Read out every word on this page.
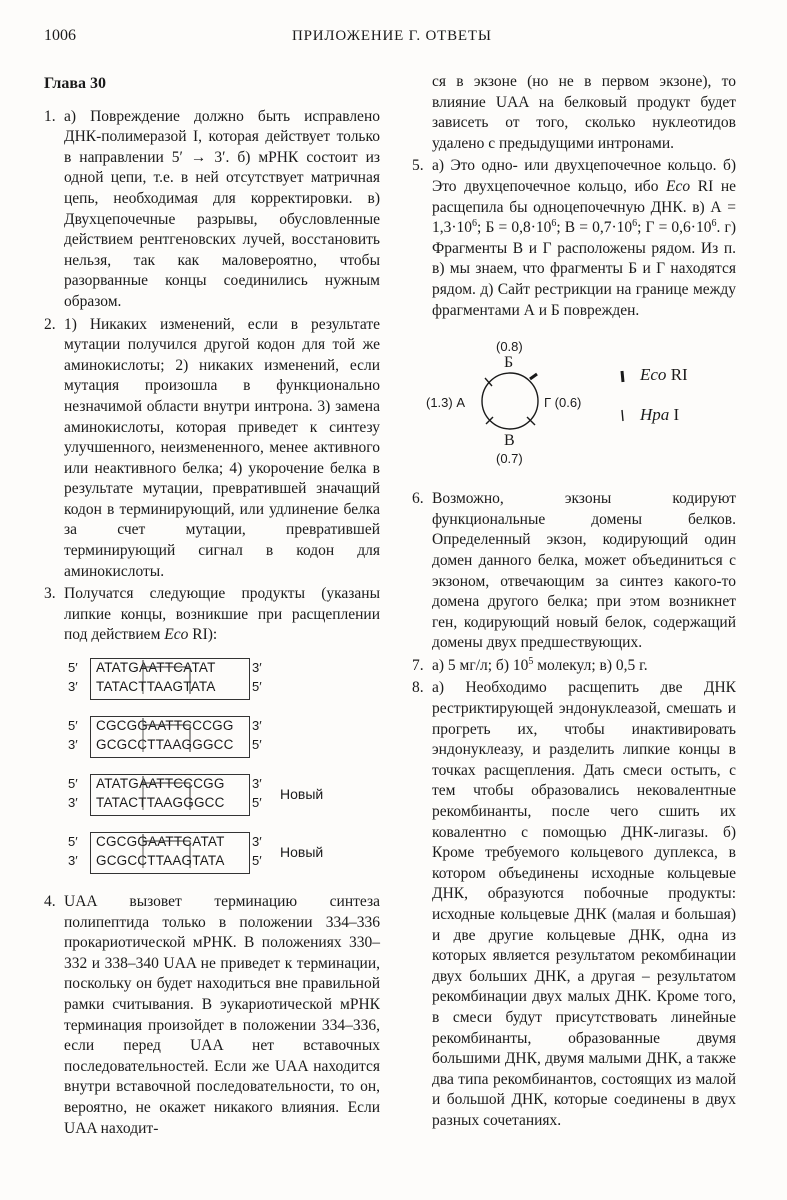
1006	ПРИЛОЖЕНИЕ Г. ОТВЕТЫ
Глава 30
1. а) Повреждение должно быть исправлено ДНК-полимеразой I, которая действует только в направлении 5′ → 3′. б) мРНК состоит из одной цепи, т.е. в ней отсутствует матричная цепь, необходимая для корректировки. в) Двухцепочечные разрывы, обусловленные действием рентгеновских лучей, восстановить нельзя, так как маловероятно, чтобы разорванные концы соединились нужным образом.
2. 1) Никаких изменений, если в результате мутации получился другой кодон для той же аминокислоты; 2) никаких изменений, если мутация произошла в функционально незначимой области внутри интрона. 3) замена аминокислоты, которая приведет к синтезу улучшенного, неизмененного, менее активного или неактивного белка; 4) укорочение белка в результате мутации, превратившей значащий кодон в терминирующий, или удлинение белка за счет мутации, превратившей терминирующий сигнал в кодон для аминокислоты.
3. Получатся следующие продукты (указаны липкие концы, возникшие при расщеплении под действием Eco RI):
5′
3′
ATATGAATTCATAT
TATACTTAAGTATA
3′
5′
5′
3′
CGCGGAATTCCCGG
GCGCCTTAAGGGCC
3′
5′
5′
3′
ATATGAATTCCCGG
TATACTTAAGGGCC
3′
5′
Новый
5′
3′
CGCGGAATTCATAT
GCGCCTTAAGTATA
3′
5′
Новый
4. UAA вызовет терминацию синтеза полипептида только в положении 334–336 прокариотической мРНК. В положениях 330–332 и 338–340 UAA не приведет к терминации, поскольку он будет находиться вне правильной рамки считывания. В эукариотической мРНК терминация произойдет в положении 334–336, если перед UAA нет вставочных последовательностей. Если же UAA находится внутри вставочной последовательности, то он, вероятно, не окажет никакого влияния. Если UAA находит-

ся в экзоне (но не в первом экзоне), то влияние UAA на белковый продукт будет зависеть от того, сколько нуклеотидов удалено с предыдущими интронами.

5. а) Это одно- или двухцепочечное кольцо. б) Это двухцепочечное кольцо, ибо Eco RI не расщепила бы одноцепочечную ДНК. в) $А = 1,3\cdot 10^6$; $Б = 0,8\cdot 10^6$; $В = 0,7\cdot 10^6$; $Г = 0,6\cdot 10^6$. г) Фрагменты В и Г расположены рядом. Из п. в) мы знаем, что фрагменты Б и Г находятся рядом. д) Сайт рестрикции на границе между фрагментами А и Б поврежден.
(0.8)
Б
(1.3) А	Г (0.6)
В
(0.7)
Eco RI
Hpa I
6. Возможно, экзоны кодируют функциональные домены белков. Определенный экзон, кодирующий один домен данного белка, может объединиться с экзоном, отвечающим за синтез какого-то домена другого белка; при этом возникнет ген, кодирующий новый белок, содержащий домены двух предшествующих.
7. а) 5 мг/л; б) $10^5$ молекул; в) 0,5 г.
8. а) Необходимо расщепить две ДНК рестриктирующей эндонуклеазой, смешать и прогреть их, чтобы инактивировать эндонуклеазу, и разделить липкие концы в точках расщепления. Дать смеси остыть, с тем чтобы образовались нековалентные рекомбинанты, после чего сшить их ковалентно с помощью ДНК-лигазы. б) Кроме требуемого кольцевого дуплекса, в котором объединены исходные кольцевые ДНК, образуются побочные продукты: исходные кольцевые ДНК (малая и большая) и две другие кольцевые ДНК, одна из которых является результатом рекомбинации двух больших ДНК, а другая – результатом рекомбинации двух малых ДНК. Кроме того, в смеси будут присутствовать линейные рекомбинанты, образованные двумя большими ДНК, двумя малыми ДНК, а также два типа рекомбинантов, состоящих из малой и большой ДНК, которые соединены в двух разных сочетаниях.
